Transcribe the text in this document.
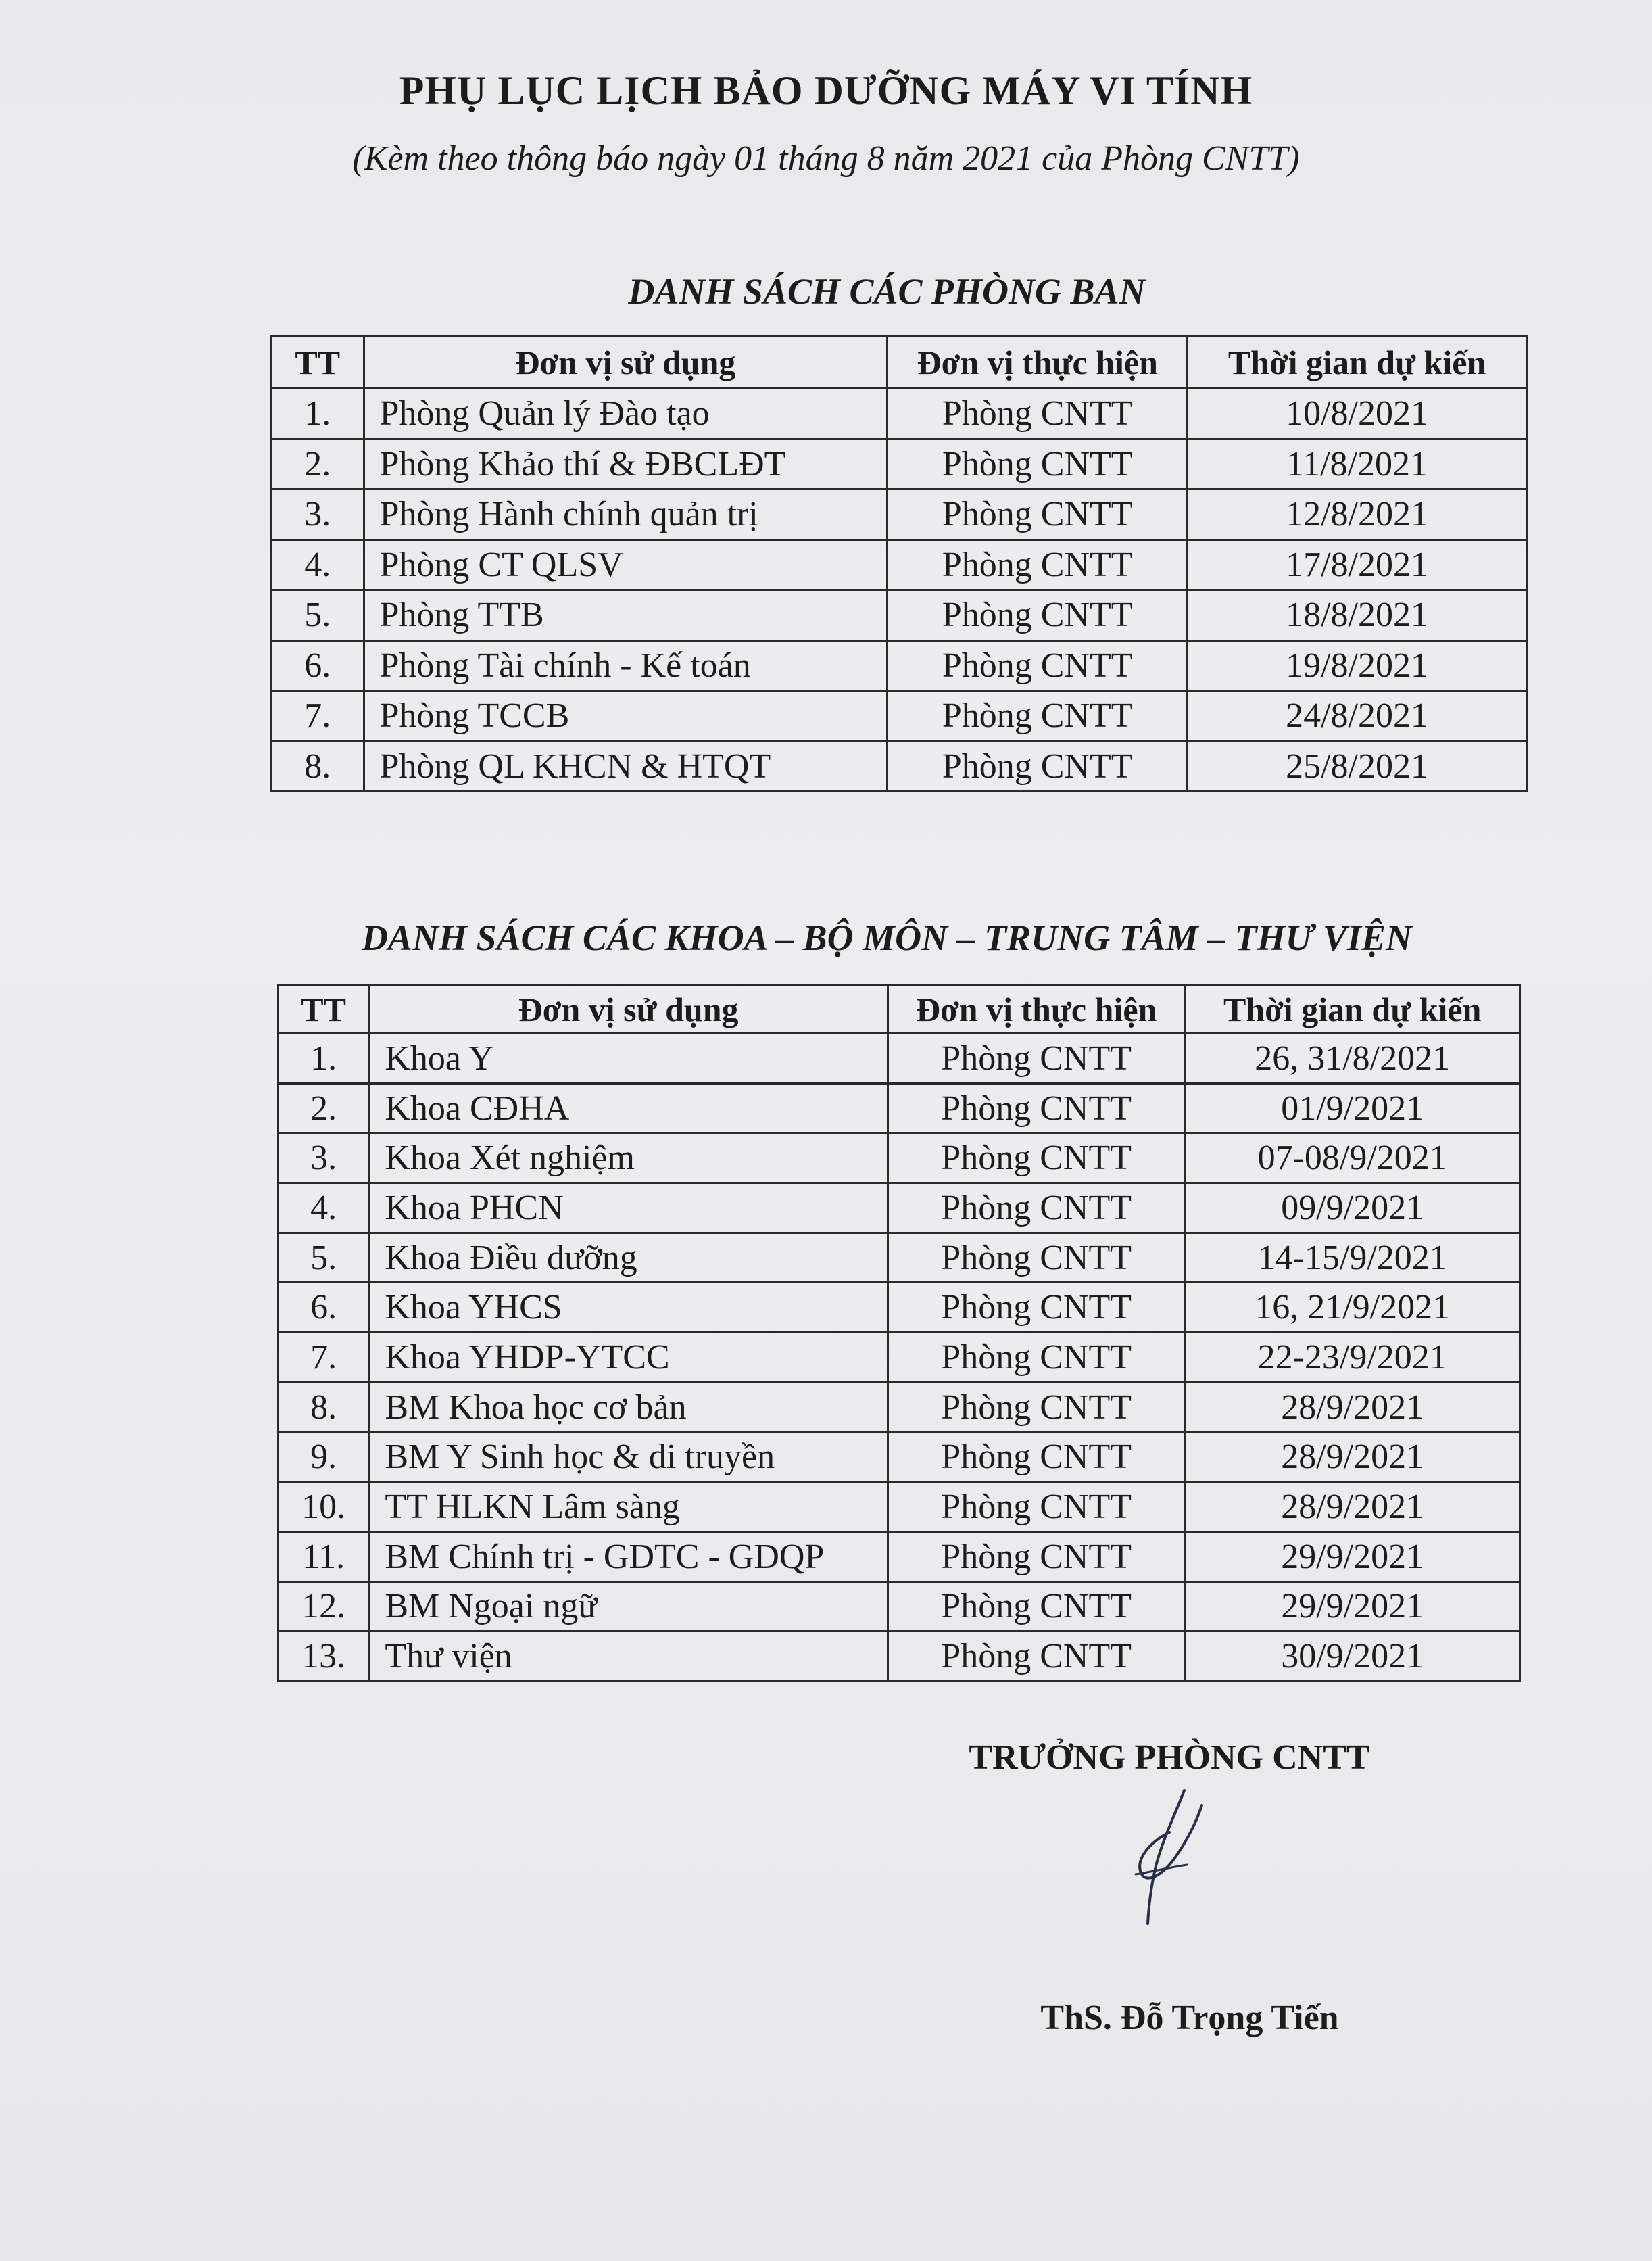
PHỤ LỤC LỊCH BẢO DƯỠNG MÁY VI TÍNH
(Kèm theo thông báo ngày 01 tháng 8 năm 2021 của Phòng CNTT)
DANH SÁCH CÁC PHÒNG BAN
TT	Đơn vị sử dụng	Đơn vị thực hiện	Thời gian dự kiến
1.	Phòng Quản lý Đào tạo	Phòng CNTT	10/8/2021
2.	Phòng Khảo thí & ĐBCLĐT	Phòng CNTT	11/8/2021
3.	Phòng Hành chính quản trị	Phòng CNTT	12/8/2021
4.	Phòng CT QLSV	Phòng CNTT	17/8/2021
5.	Phòng TTB	Phòng CNTT	18/8/2021
6.	Phòng Tài chính - Kế toán	Phòng CNTT	19/8/2021
7.	Phòng TCCB	Phòng CNTT	24/8/2021
8.	Phòng QL KHCN & HTQT	Phòng CNTT	25/8/2021
DANH SÁCH CÁC KHOA – BỘ MÔN – TRUNG TÂM – THƯ VIỆN
TT	Đơn vị sử dụng	Đơn vị thực hiện	Thời gian dự kiến
1.	Khoa Y	Phòng CNTT	26, 31/8/2021
2.	Khoa CĐHA	Phòng CNTT	01/9/2021
3.	Khoa Xét nghiệm	Phòng CNTT	07-08/9/2021
4.	Khoa PHCN	Phòng CNTT	09/9/2021
5.	Khoa Điều dưỡng	Phòng CNTT	14-15/9/2021
6.	Khoa YHCS	Phòng CNTT	16, 21/9/2021
7.	Khoa YHDP-YTCC	Phòng CNTT	22-23/9/2021
8.	BM Khoa học cơ bản	Phòng CNTT	28/9/2021
9.	BM Y Sinh học & di truyền	Phòng CNTT	28/9/2021
10.	TT HLKN Lâm sàng	Phòng CNTT	28/9/2021
11.	BM Chính trị - GDTC - GDQP	Phòng CNTT	29/9/2021
12.	BM Ngoại ngữ	Phòng CNTT	29/9/2021
13.	Thư viện	Phòng CNTT	30/9/2021
TRƯỞNG PHÒNG CNTT
ThS. Đỗ Trọng Tiến
